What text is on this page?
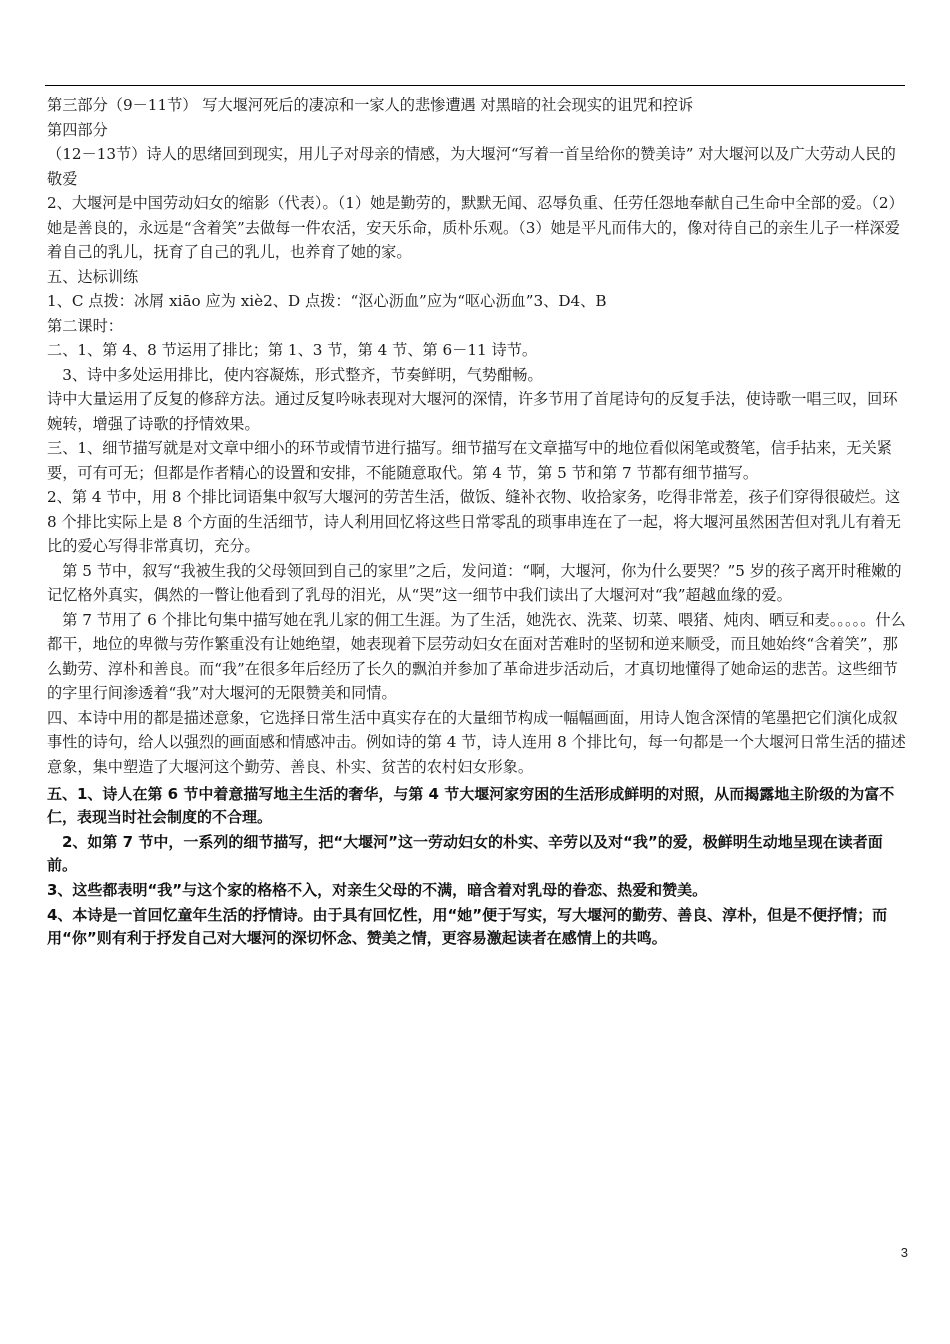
第三部分（9－11节） 写大堰河死后的凄凉和一家人的悲惨遭遇 对黑暗的社会现实的诅咒和控诉

第四部分

（12－13节）诗人的思绪回到现实，用儿子对母亲的情感，为大堰河“写着一首呈给你的赞美诗” 对大堰河以及广大劳动人民的敬爱

2、大堰河是中国劳动妇女的缩影（代表）。（1）她是勤劳的，默默无闻、忍辱负重、任劳任怨地奉献自己生命中全部的爱。（2）她是善良的，永远是“含着笑”去做每一件农活，安天乐命，质朴乐观。（3）她是平凡而伟大的，像对待自己的亲生儿子一样深爱着自己的乳儿，抚育了自己的乳儿，也养育了她的家。

五、达标训练

1、C 点拨：冰屑 xiāo 应为 xiè2、D 点拨：“沤心沥血”应为“呕心沥血”3、D4、B

第二课时：

二、1、第 4、8 节运用了排比；第 1、3 节，第 4 节、第 6－11 诗节。

3、诗中多处运用排比，使内容凝炼，形式整齐，节奏鲜明，气势酣畅。

诗中大量运用了反复的修辞方法。通过反复吟咏表现对大堰河的深情，许多节用了首尾诗句的反复手法，使诗歌一唱三叹，回环婉转，增强了诗歌的抒情效果。

三、1、细节描写就是对文章中细小的环节或情节进行描写。细节描写在文章描写中的地位看似闲笔或赘笔，信手拈来，无关紧要，可有可无；但都是作者精心的设置和安排，不能随意取代。第 4 节，第 5 节和第 7 节都有细节描写。

2、第 4 节中，用 8 个排比词语集中叙写大堰河的劳苦生活，做饭、缝补衣物、收拾家务，吃得非常差，孩子们穿得很破烂。这 8 个排比实际上是 8 个方面的生活细节，诗人利用回忆将这些日常零乱的琐事串连在了一起，将大堰河虽然困苦但对乳儿有着无比的爱心写得非常真切，充分。

第 5 节中，叙写“我被生我的父母领回到自己的家里”之后，发问道：“啊，大堰河，你为什么要哭？”5 岁的孩子离开时稚嫩的记忆格外真实，偶然的一瞥让他看到了乳母的泪光，从“哭”这一细节中我们读出了大堰河对“我”超越血缘的爱。

第 7 节用了 6 个排比句集中描写她在乳儿家的佣工生涯。为了生活，她洗衣、洗菜、切菜、喂猪、炖肉、晒豆和麦。。。。。什么都干，地位的卑微与劳作繁重没有让她绝望，她表现着下层劳动妇女在面对苦难时的坚韧和逆来顺受，而且她始终“含着笑”，那么勤劳、淳朴和善良。而“我”在很多年后经历了长久的飘泊并参加了革命进步活动后，才真切地懂得了她命运的悲苦。这些细节的字里行间渗透着“我”对大堰河的无限赞美和同情。

四、本诗中用的都是描述意象，它选择日常生活中真实存在的大量细节构成一幅幅画面，用诗人饱含深情的笔墨把它们演化成叙事性的诗句，给人以强烈的画面感和情感冲击。例如诗的第 4 节，诗人连用 8 个排比句，每一句都是一个大堰河日常生活的描述意象，集中塑造了大堰河这个勤劳、善良、朴实、贫苦的农村妇女形象。

五、1、诗人在第 6 节中着意描写地主生活的奢华，与第 4 节大堰河家穷困的生活形成鲜明的对照，从而揭露地主阶级的为富不仁，表现当时社会制度的不合理。

2、如第 7 节中，一系列的细节描写，把“大堰河”这一劳动妇女的朴实、辛劳以及对“我”的爱，极鲜明生动地呈现在读者面前。

3、这些都表明“我”与这个家的格格不入，对亲生父母的不满，暗含着对乳母的眷恋、热爱和赞美。

4、本诗是一首回忆童年生活的抒情诗。由于具有回忆性，用“她”便于写实，写大堰河的勤劳、善良、淳朴，但是不便抒情；而用“你”则有利于抒发自己对大堰河的深切怀念、赞美之情，更容易激起读者在感情上的共鸣。

3
